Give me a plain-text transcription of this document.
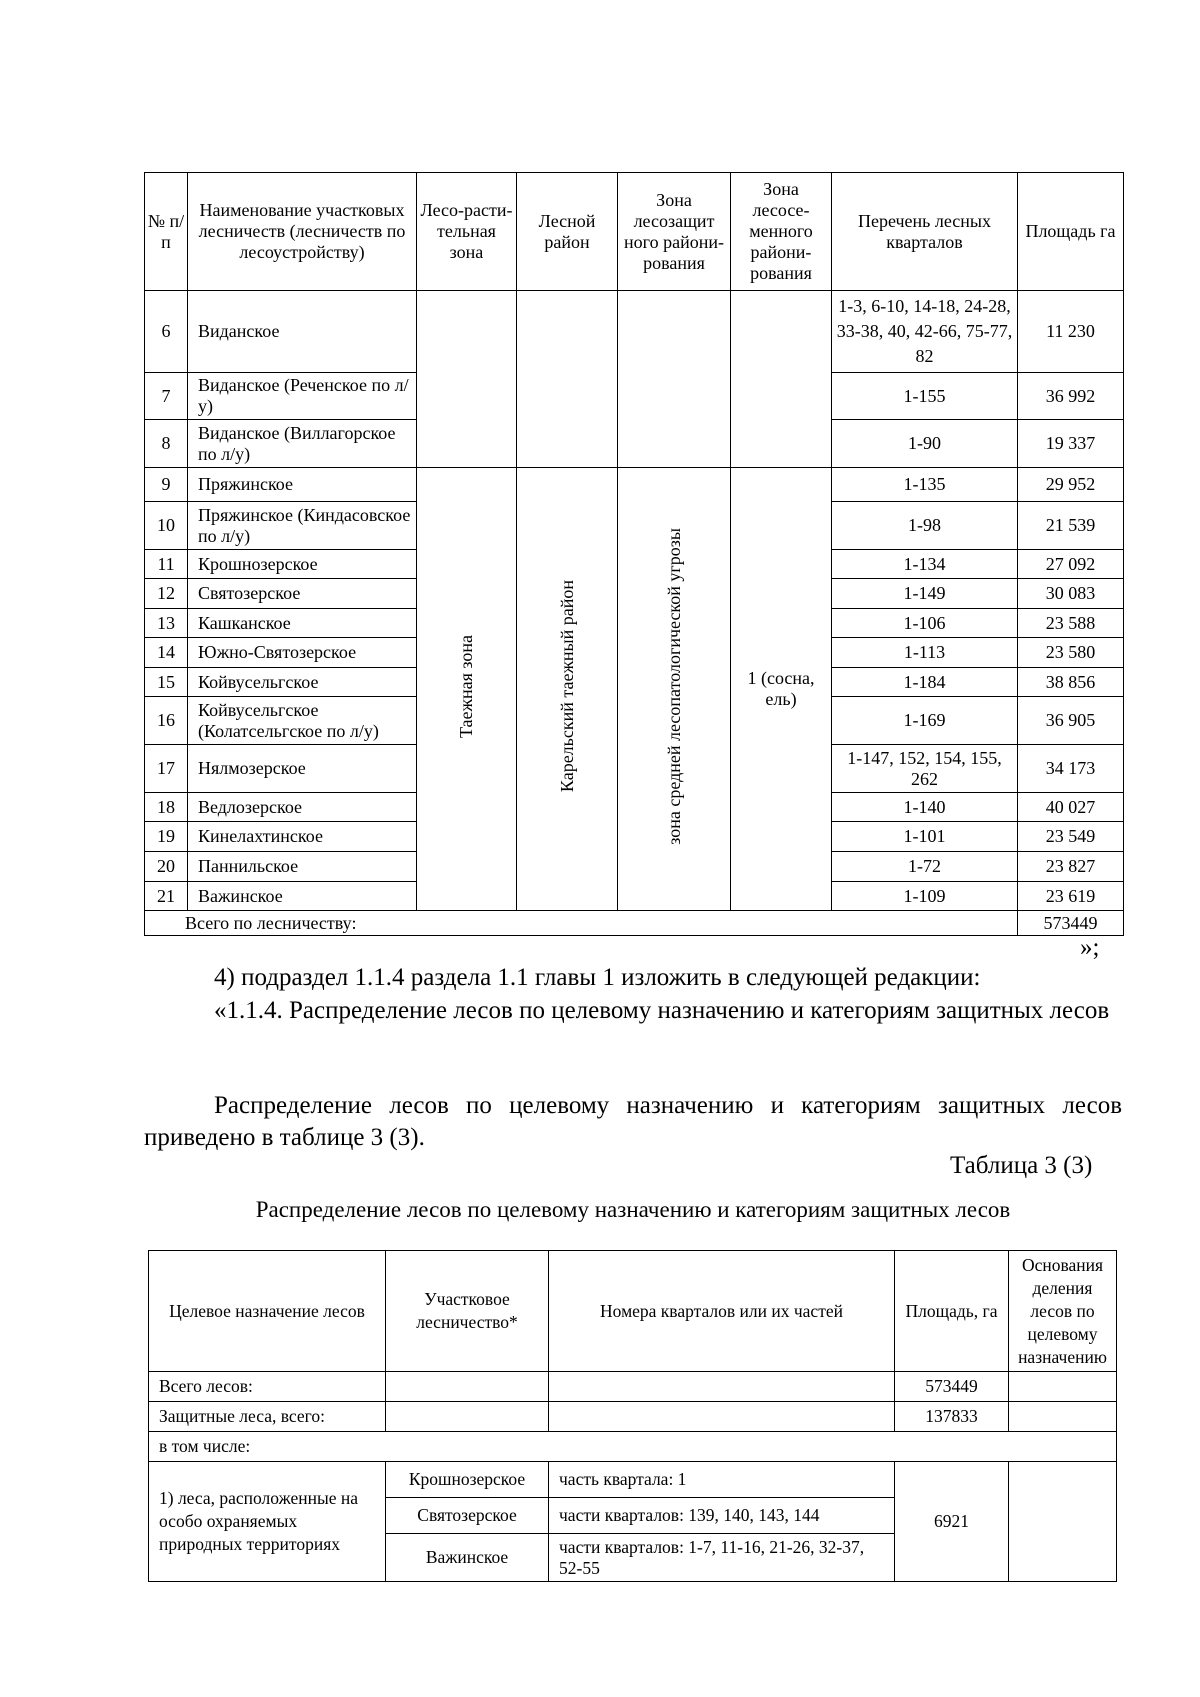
№ п/п	Наименование участковых лесничеств (лесничеств по лесоустройству)	Лесо-расти-тельная зона	Лесной район	Зона лесозащит ного райони-рования	Зона лесосе-менного райони-рования	Перечень лесных кварталов	Площадь га
6	Виданское					1-3, 6-10, 14-18, 24-28, 33-38, 40, 42-66, 75-77, 82	11 230
7	Виданское (Реченское по л/у)					1-155	36 992
8	Виданское (Виллагорское по л/у)					1-90	19 337
9	Пряжинское	Таежная зона	Карельский таежный район	зона средней лесопатологической угрозы	1 (сосна, ель)	1-135	29 952
10	Пряжинское (Киндасовское по л/у)					1-98	21 539
11	Крошнозерское					1-134	27 092
12	Святозерское					1-149	30 083
13	Кашканское					1-106	23 588
14	Южно-Святозерское					1-113	23 580
15	Койвусельгское					1-184	38 856
16	Койвусельгское (Колатсельгское по л/у)					1-169	36 905
17	Нялмозерское					1-147, 152, 154, 155, 262	34 173
18	Ведлозерское					1-140	40 027
19	Кинелахтинское					1-101	23 549
20	Паннильское					1-72	23 827
21	Важинское					1-109	23 619
Всего по лесничеству:							573449
»;
4) подраздел 1.1.4 раздела 1.1 главы 1 изложить в следующей редакции:
«1.1.4. Распределение лесов по целевому назначению и категориям защитных лесов
Распределение лесов по целевому назначению и категориям защитных лесов приведено в таблице 3 (3).
Таблица 3 (3)
Распределение лесов по целевому назначению и категориям защитных лесов
Целевое назначение лесов	Участковое лесничество*	Номера кварталов или их частей	Площадь, га	Основания деления лесов по целевому назначению
Всего лесов:			573449	
Защитные леса, всего:			137833	
в том числе:				
1) леса, расположенные на особо охраняемых природных территориях	Крошнозерское	часть квартала: 1	6921	
	Святозерское	части кварталов: 139, 140, 143, 144		
	Важинское	части кварталов: 1-7, 11-16, 21-26, 32-37, 52-55		
